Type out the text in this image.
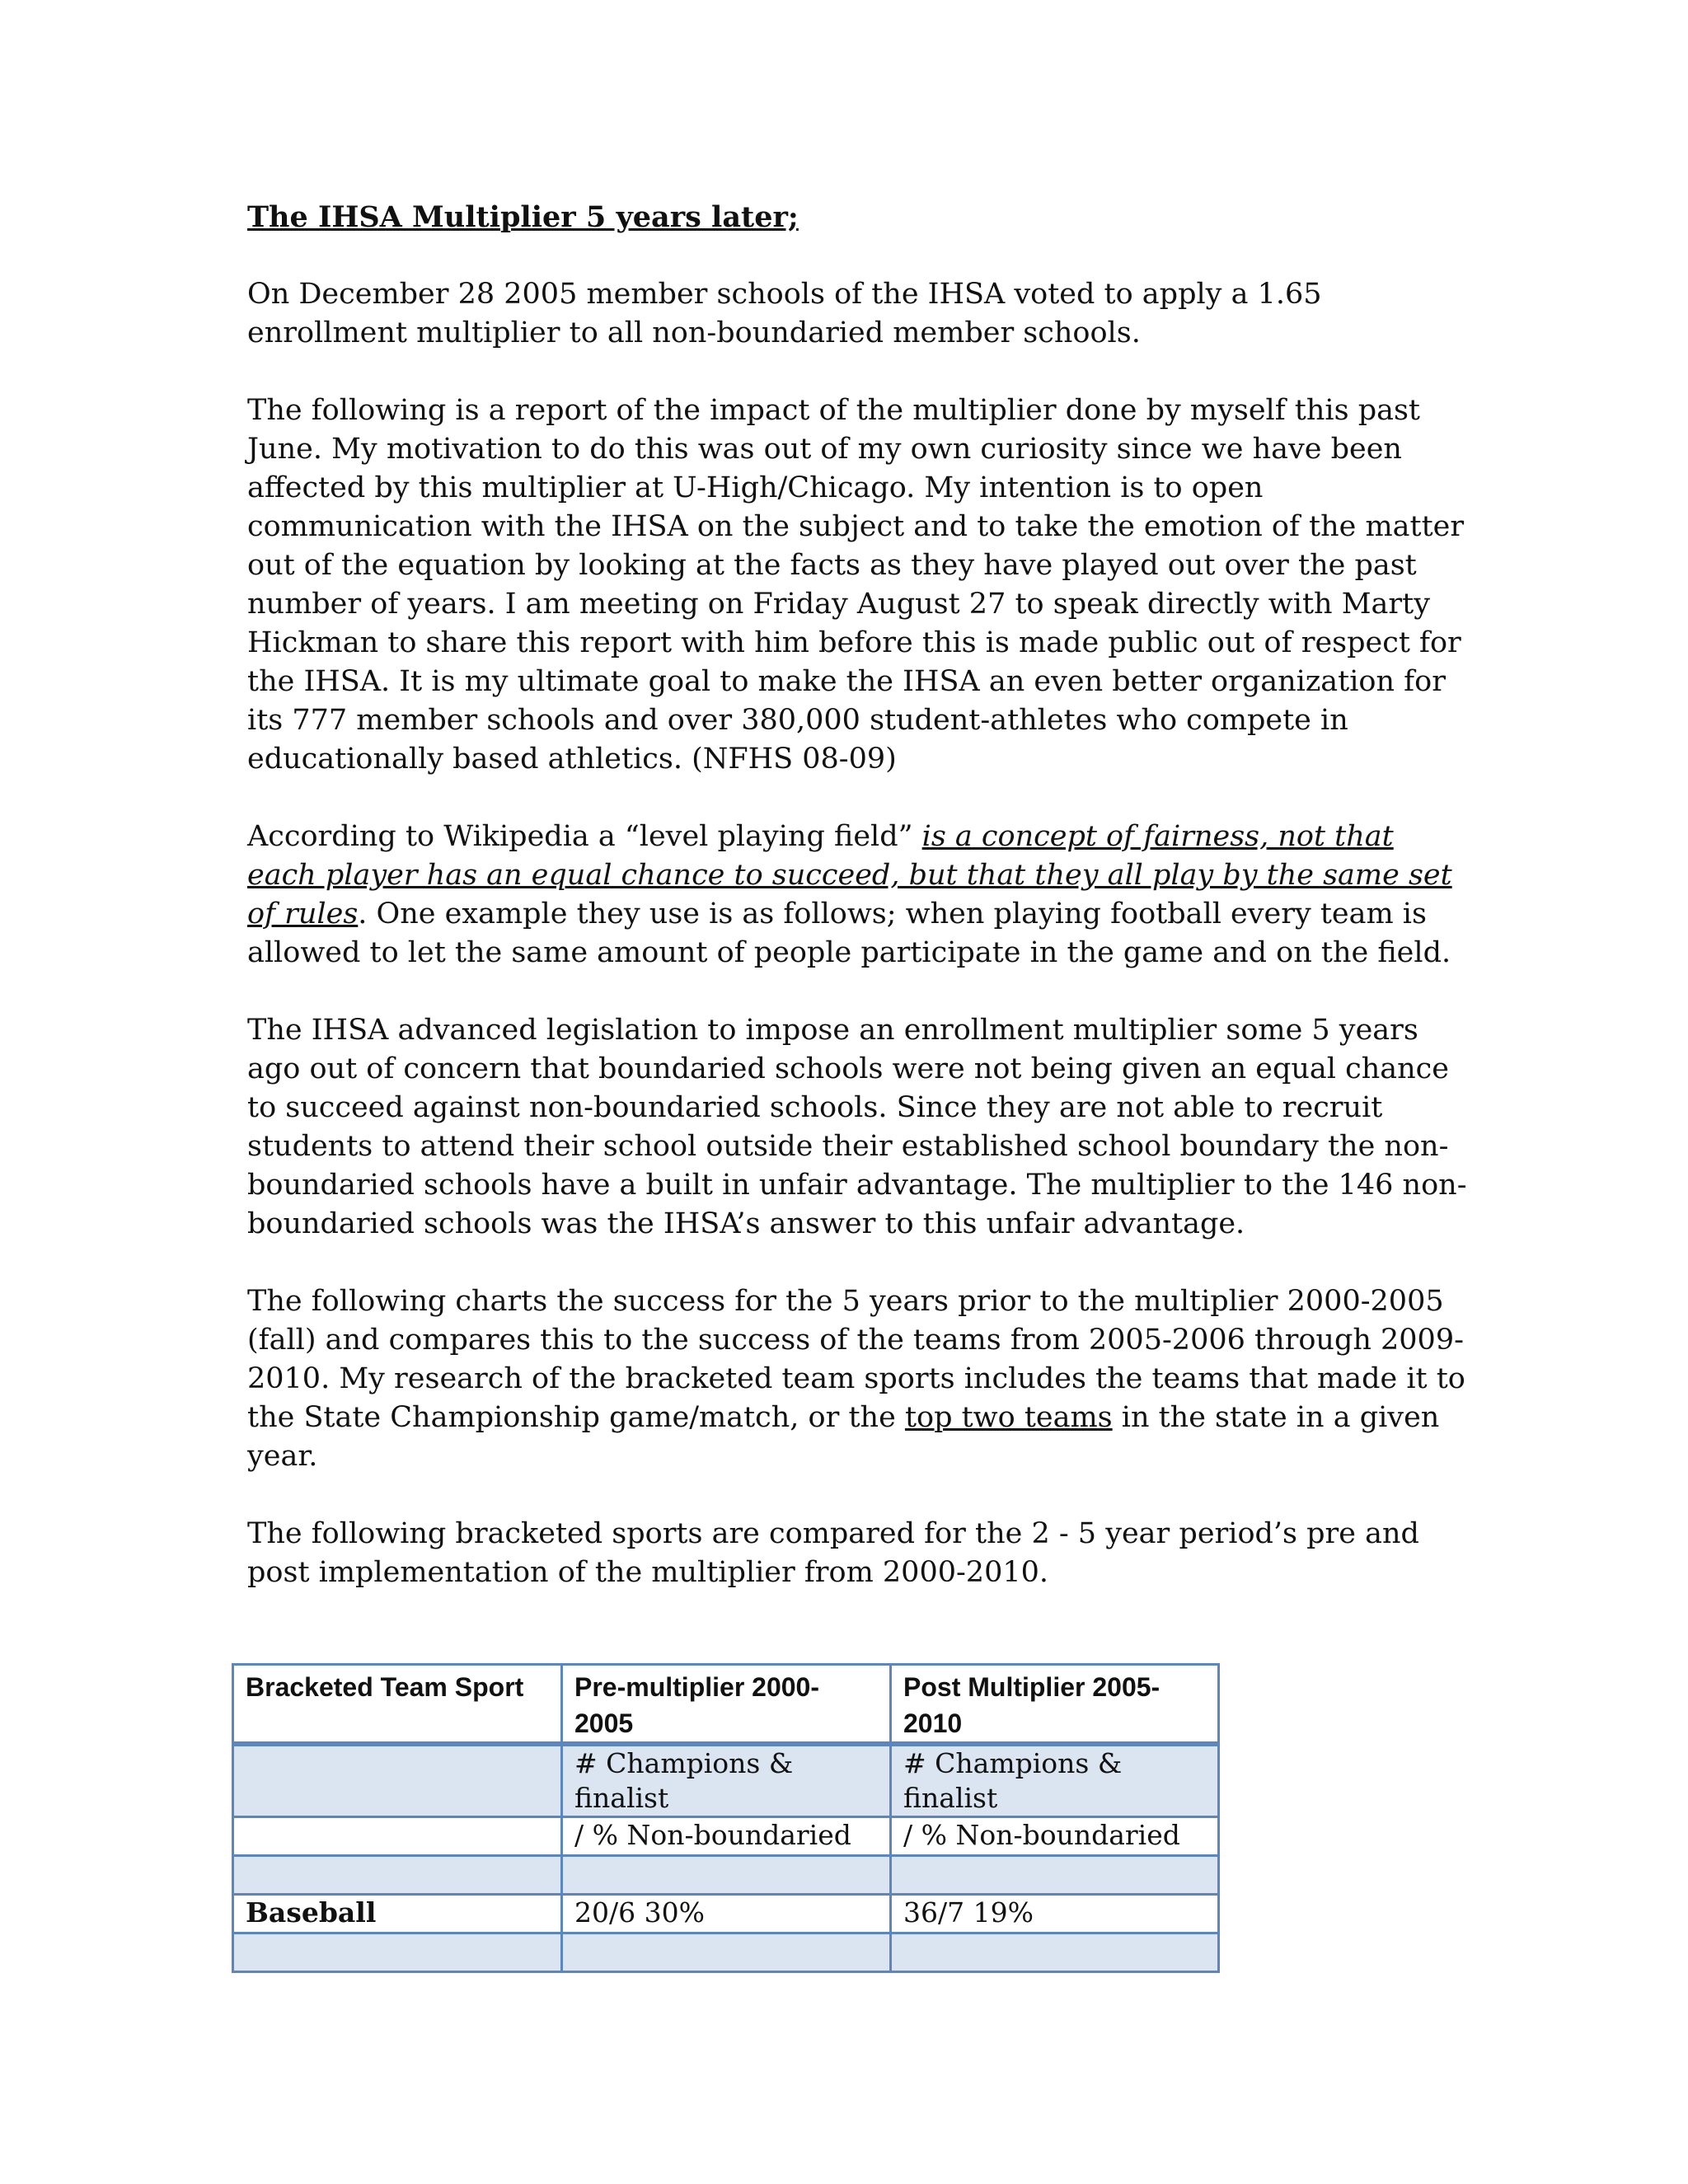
The IHSA Multiplier 5 years later;

On December 28 2005 member schools of the IHSA voted to apply a 1.65 enrollment multiplier to all non-boundaried member schools.

The following is a report of the impact of the multiplier done by myself this past June. My motivation to do this was out of my own curiosity since we have been affected by this multiplier at U-High/Chicago. My intention is to open communication with the IHSA on the subject and to take the emotion of the matter out of the equation by looking at the facts as they have played out over the past number of years. I am meeting on Friday August 27 to speak directly with Marty Hickman to share this report with him before this is made public out of respect for the IHSA. It is my ultimate goal to make the IHSA an even better organization for its 777 member schools and over 380,000 student-athletes who compete in educationally based athletics. (NFHS 08-09)

According to Wikipedia a “level playing field” is a concept of fairness, not that each player has an equal chance to succeed, but that they all play by the same set of rules. One example they use is as follows; when playing football every team is allowed to let the same amount of people participate in the game and on the field.

The IHSA advanced legislation to impose an enrollment multiplier some 5 years ago out of concern that boundaried schools were not being given an equal chance to succeed against non-boundaried schools. Since they are not able to recruit students to attend their school outside their established school boundary the non-boundaried schools have a built in unfair advantage. The multiplier to the 146 non-boundaried schools was the IHSA’s answer to this unfair advantage.

The following charts the success for the 5 years prior to the multiplier 2000-2005 (fall) and compares this to the success of the teams from 2005-2006 through 2009-2010. My research of the bracketed team sports includes the teams that made it to the State Championship game/match, or the top two teams in the state in a given year.

The following bracketed sports are compared for the 2 - 5 year period’s pre and post implementation of the multiplier from 2000-2010.

Bracketed Team Sport	Pre-multiplier 2000-2005	Post Multiplier 2005-2010
	# Champions & finalist	# Champions & finalist
	/ % Non-boundaried	/ % Non-boundaried

Baseball	20/6 30%	36/7 19%
